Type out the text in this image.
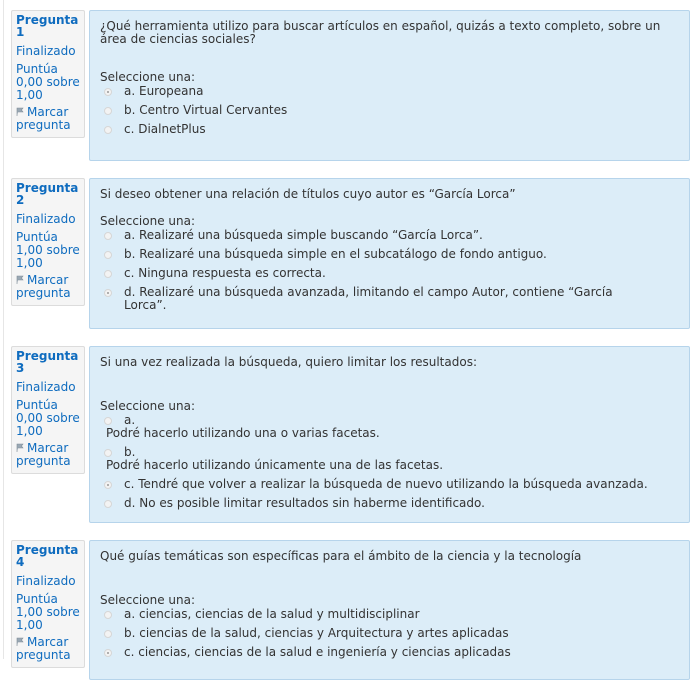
Pregunta
1
Finalizado
Puntúa
0,00 sobre 1,00
Marcar pregunta
¿Qué herramienta utilizo para buscar artículos en español, quizás a texto completo, sobre un área de ciencias sociales?
Seleccione una:
a. Europeana
b. Centro Virtual Cervantes
c. DialnetPlus
Pregunta
2
Finalizado
Puntúa
1,00 sobre 1,00
Marcar pregunta
Si deseo obtener una relación de títulos cuyo autor es “García Lorca”
Seleccione una:
a. Realizaré una búsqueda simple buscando “García Lorca”.
b. Realizaré una búsqueda simple en el subcatálogo de fondo antiguo.
c. Ninguna respuesta es correcta.
d. Realizaré una búsqueda avanzada, limitando el campo Autor, contiene “García Lorca”.
Pregunta
3
Finalizado
Puntúa
0,00 sobre 1,00
Marcar pregunta
Si una vez realizada la búsqueda, quiero limitar los resultados:
Seleccione una:
a.
Podré hacerlo utilizando una o varias facetas.
b.
Podré hacerlo utilizando únicamente una de las facetas.
c. Tendré que volver a realizar la búsqueda de nuevo utilizando la búsqueda avanzada.
d. No es posible limitar resultados sin haberme identificado.
Pregunta
4
Finalizado
Puntúa
1,00 sobre 1,00
Marcar pregunta
Qué guías temáticas son específicas para el ámbito de la ciencia y la tecnología
Seleccione una:
a. ciencias, ciencias de la salud y multidisciplinar
b. ciencias de la salud, ciencias y Arquitectura y artes aplicadas
c. ciencias, ciencias de la salud e ingeniería y ciencias aplicadas
